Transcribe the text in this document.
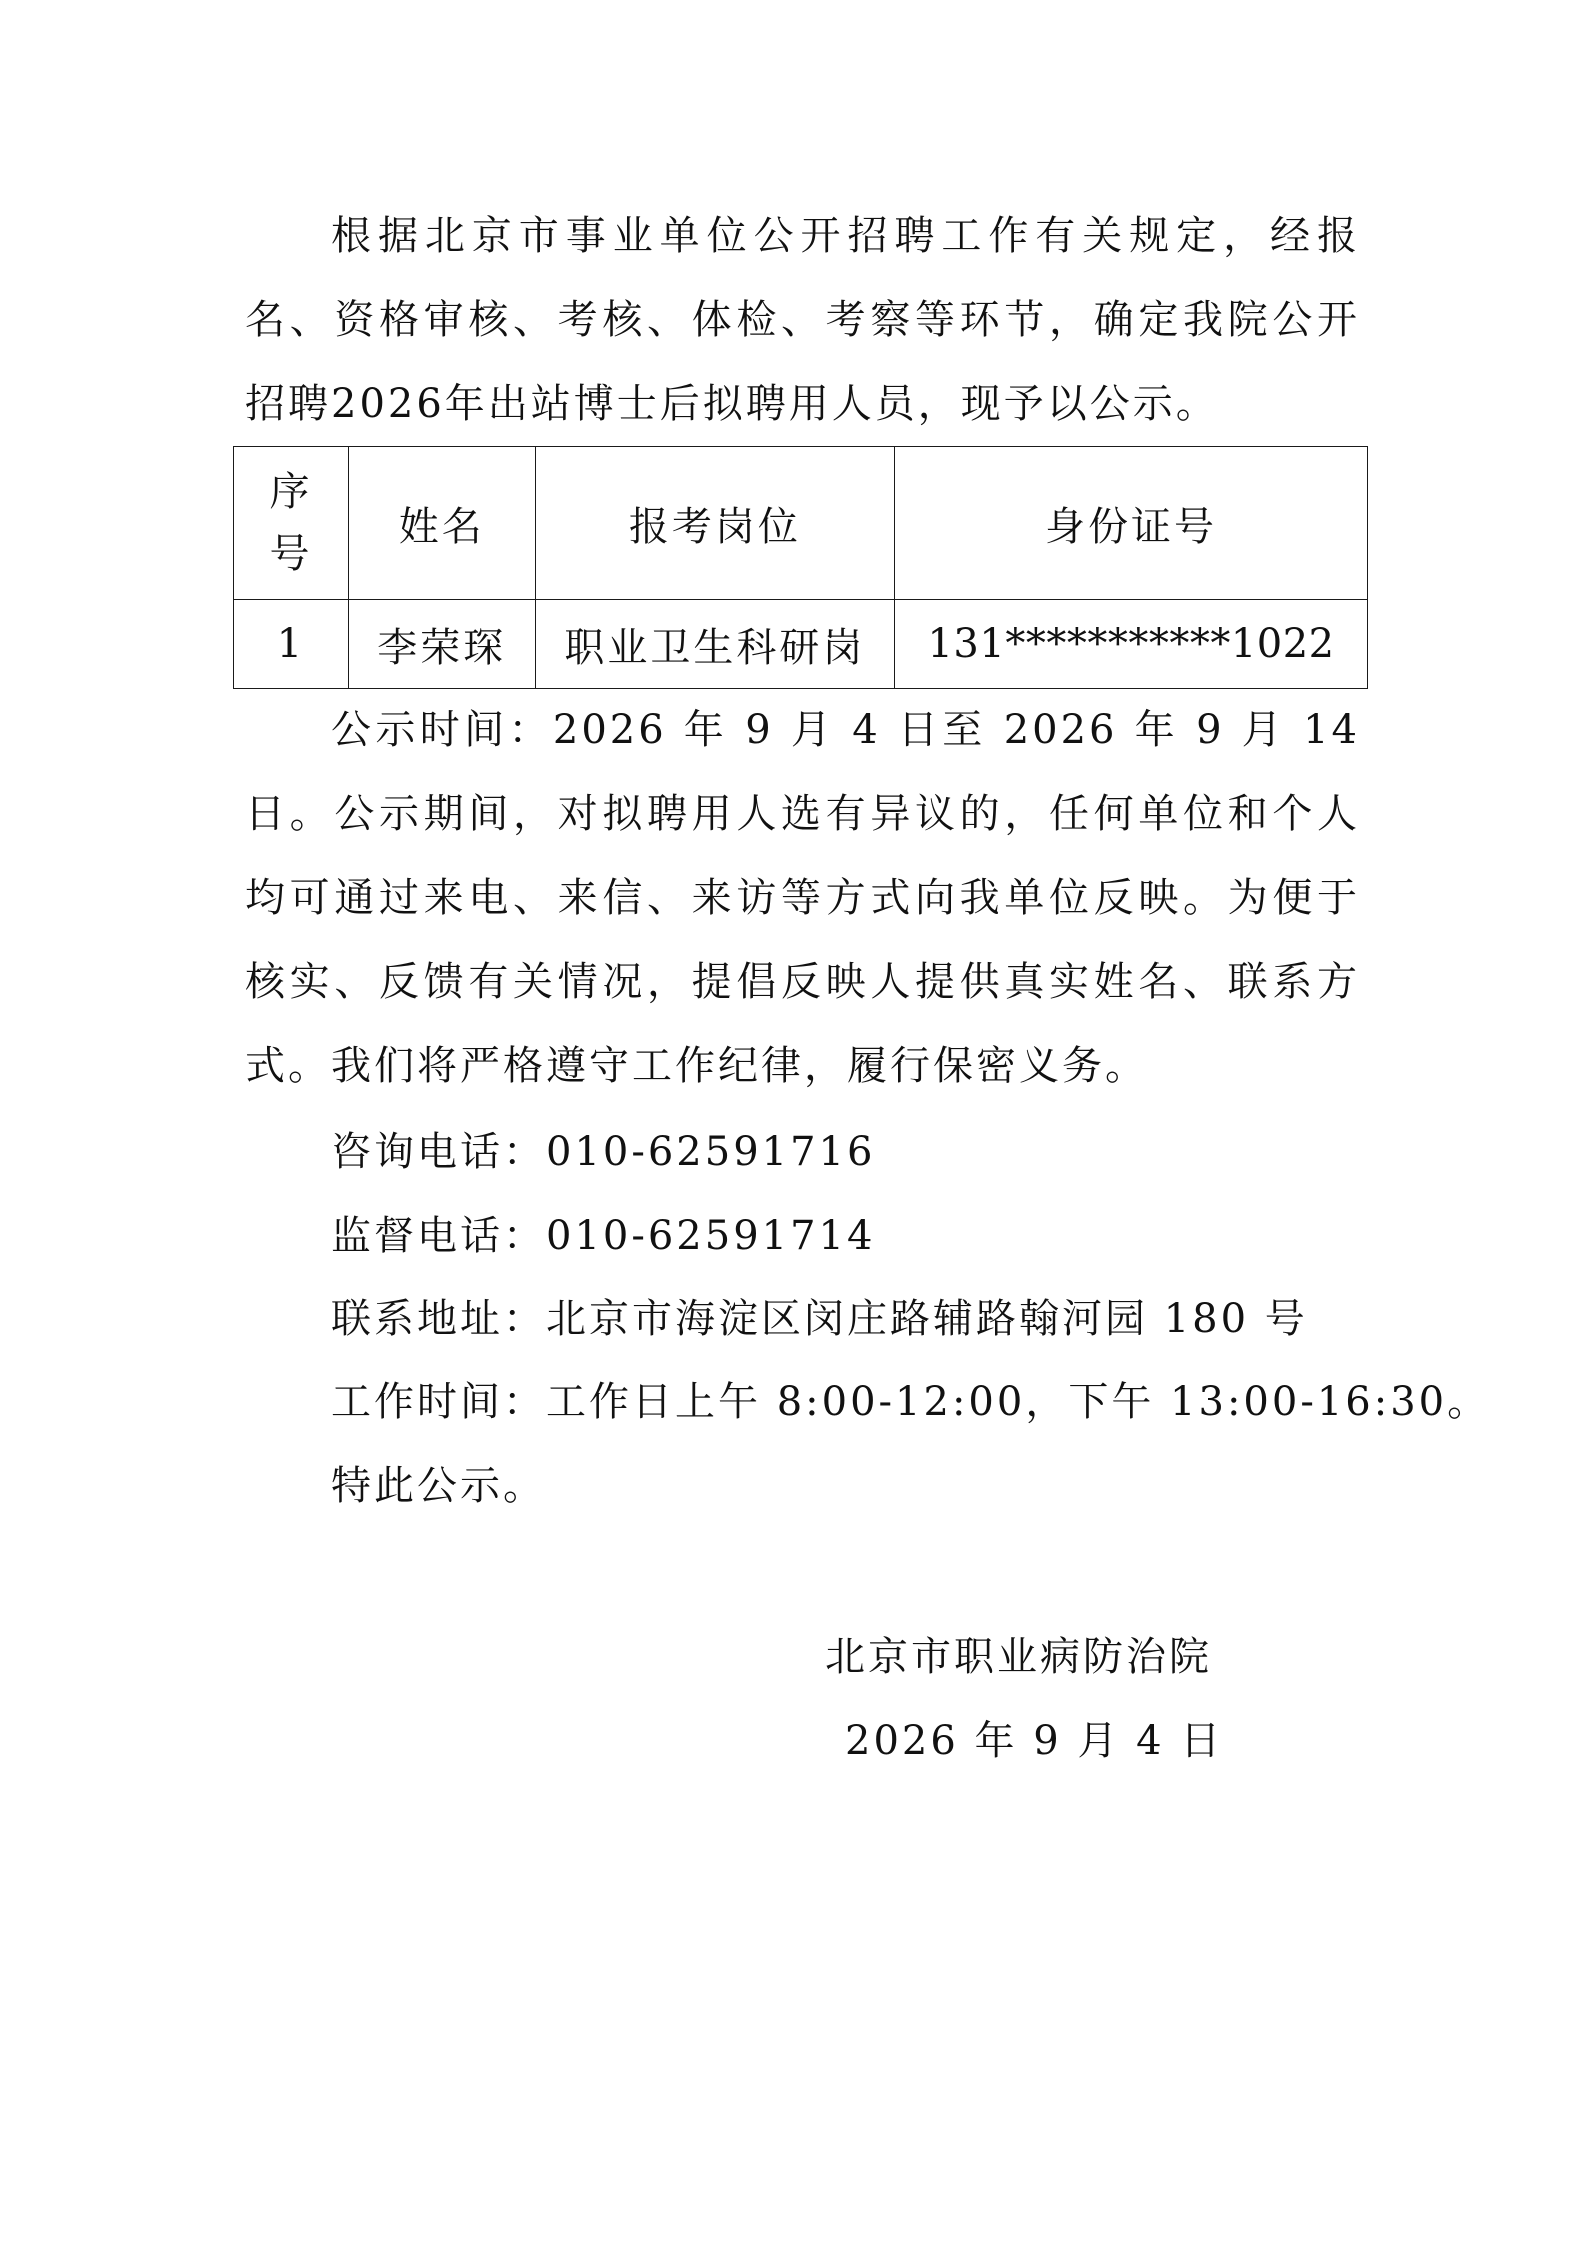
根据北京市事业单位公开招聘工作有关规定，经报名、资格审核、考核、体检、考察等环节，确定我院公开招聘2026年出站博士后拟聘用人员，现予以公示。

序
号	姓名	报考岗位	身份证号
1	李荣琛	职业卫生科研岗	131***********1022

公示时间：2026 年 9 月 4 日至 2026 年 9 月 14 日。公示期间，对拟聘用人选有异议的，任何单位和个人均可通过来电、来信、来访等方式向我单位反映。为便于核实、反馈有关情况，提倡反映人提供真实姓名、联系方式。我们将严格遵守工作纪律，履行保密义务。

咨询电话：010-62591716

监督电话：010-62591714

联系地址：北京市海淀区闵庄路辅路翰河园 180 号

工作时间：工作日上午 8:00-12:00，下午 13:00-16:30。

特此公示。

北京市职业病防治院

2026 年 9 月 4 日
